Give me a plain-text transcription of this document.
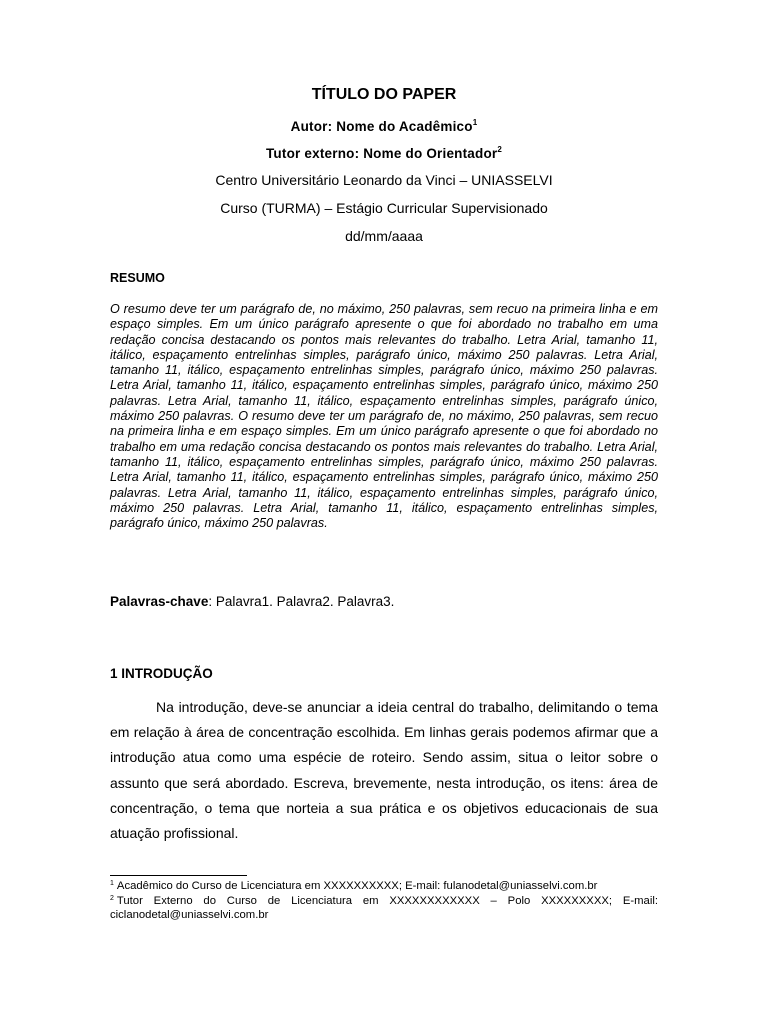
TÍTULO DO PAPER
Autor: Nome do Acadêmico$^1$
Tutor externo: Nome do Orientador$^2$
Centro Universitário Leonardo da Vinci – UNIASSELVI
Curso (TURMA) – Estágio Curricular Supervisionado
dd/mm/aaaa
RESUMO
O resumo deve ter um parágrafo de, no máximo, 250 palavras, sem recuo na primeira linha e em espaço simples. Em um único parágrafo apresente o que foi abordado no trabalho em uma redação concisa destacando os pontos mais relevantes do trabalho. Letra Arial, tamanho 11, itálico, espaçamento entrelinhas simples, parágrafo único, máximo 250 palavras. Letra Arial, tamanho 11, itálico, espaçamento entrelinhas simples, parágrafo único, máximo 250 palavras. Letra Arial, tamanho 11, itálico, espaçamento entrelinhas simples, parágrafo único, máximo 250 palavras. Letra Arial, tamanho 11, itálico, espaçamento entrelinhas simples, parágrafo único, máximo 250 palavras. O resumo deve ter um parágrafo de, no máximo, 250 palavras, sem recuo na primeira linha e em espaço simples. Em um único parágrafo apresente o que foi abordado no trabalho em uma redação concisa destacando os pontos mais relevantes do trabalho. Letra Arial, tamanho 11, itálico, espaçamento entrelinhas simples, parágrafo único, máximo 250 palavras. Letra Arial, tamanho 11, itálico, espaçamento entrelinhas simples, parágrafo único, máximo 250 palavras. Letra Arial, tamanho 11, itálico, espaçamento entrelinhas simples, parágrafo único, máximo 250 palavras. Letra Arial, tamanho 11, itálico, espaçamento entrelinhas simples, parágrafo único, máximo 250 palavras.
Palavras-chave: Palavra1. Palavra2. Palavra3.
1 INTRODUÇÃO
Na introdução, deve-se anunciar a ideia central do trabalho, delimitando o tema em relação à área de concentração escolhida. Em linhas gerais podemos afirmar que a introdução atua como uma espécie de roteiro. Sendo assim, situa o leitor sobre o assunto que será abordado. Escreva, brevemente, nesta introdução, os itens: área de concentração, o tema que norteia a sua prática e os objetivos educacionais de sua atuação profissional.
$^1$ Acadêmico do Curso de Licenciatura em XXXXXXXXXX; E-mail: fulanodetal@uniasselvi.com.br
$^2$ Tutor Externo do Curso de Licenciatura em XXXXXXXXXXXX – Polo XXXXXXXXX; E-mail: ciclanodetal@uniasselvi.com.br
